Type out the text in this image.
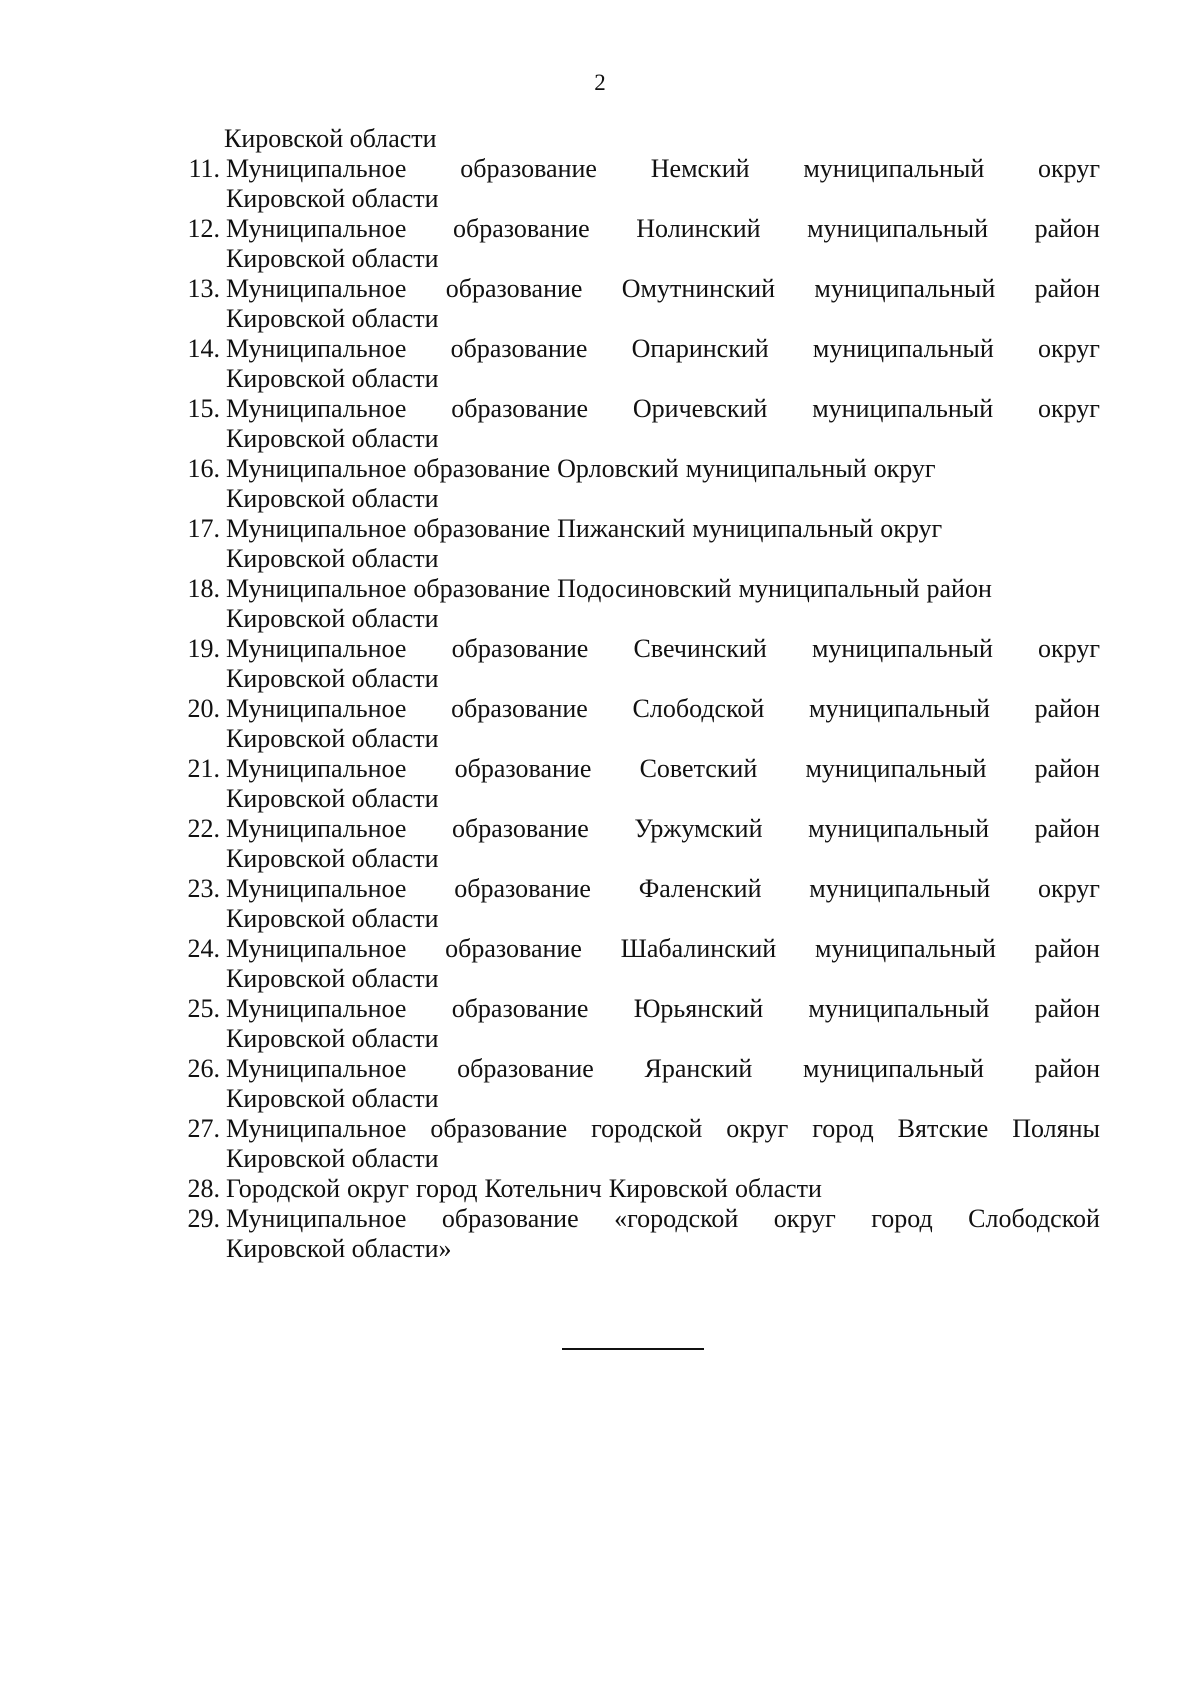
2
Кировской области
11. Муниципальное образование Немский муниципальный округ
Кировской области
12. Муниципальное образование Нолинский муниципальный район
Кировской области
13. Муниципальное образование Омутнинский муниципальный район
Кировской области
14. Муниципальное образование Опаринский муниципальный округ
Кировской области
15. Муниципальное образование Оричевский муниципальный округ
Кировской области
16. Муниципальное образование Орловский муниципальный округ
Кировской области
17. Муниципальное образование Пижанский муниципальный округ
Кировской области
18. Муниципальное образование Подосиновский муниципальный район
Кировской области
19. Муниципальное образование Свечинский муниципальный округ
Кировской области
20. Муниципальное образование Слободской муниципальный район
Кировской области
21. Муниципальное образование Советский муниципальный район
Кировской области
22. Муниципальное образование Уржумский муниципальный район
Кировской области
23. Муниципальное образование Фаленский муниципальный округ
Кировской области
24. Муниципальное образование Шабалинский муниципальный район
Кировской области
25. Муниципальное образование Юрьянский муниципальный район
Кировской области
26. Муниципальное образование Яранский муниципальный район
Кировской области
27. Муниципальное образование городской округ город Вятские Поляны
Кировской области
28. Городской округ город Котельнич Кировской области
29. Муниципальное образование «городской округ город Слободской
Кировской области»
